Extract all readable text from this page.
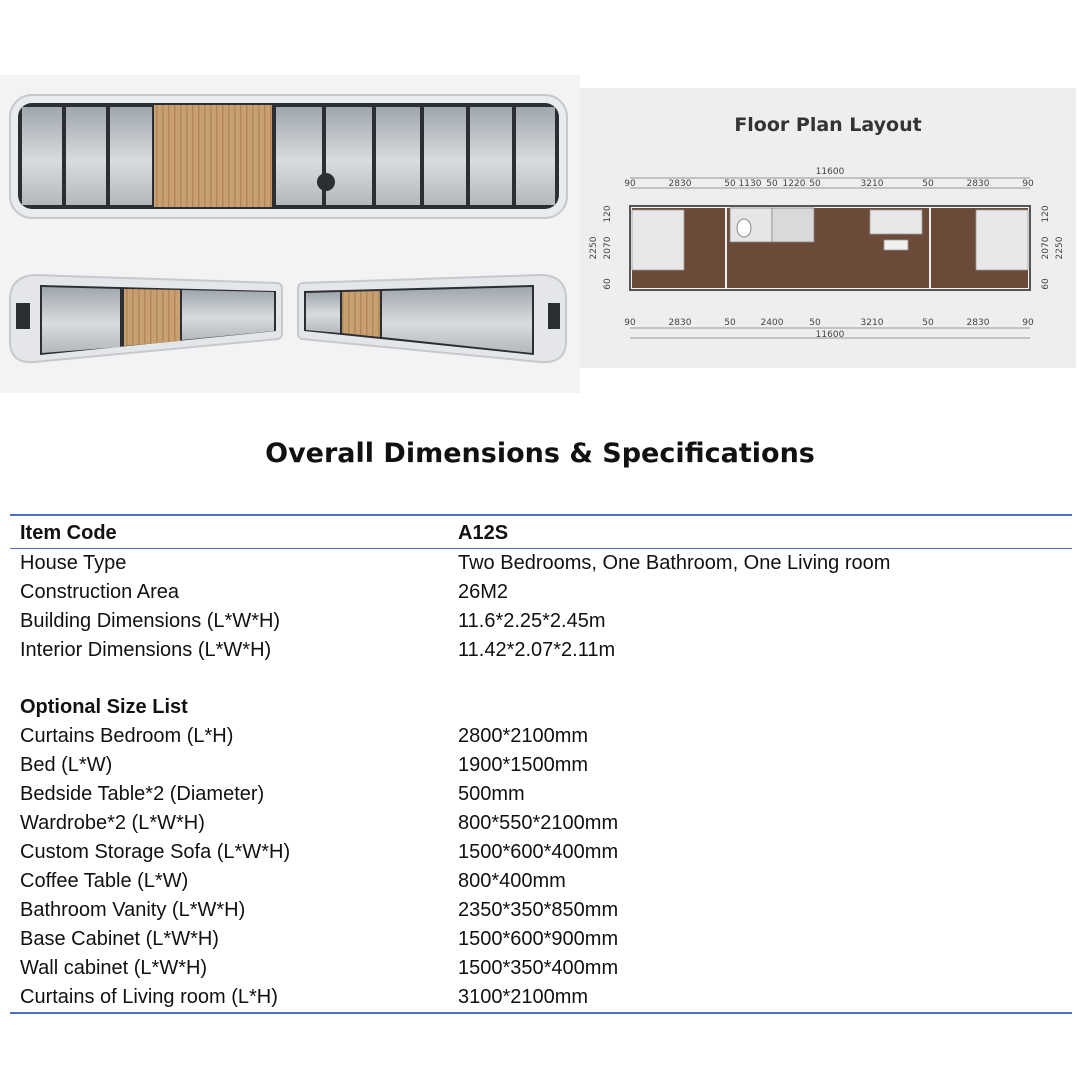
Floor Plan Layout
11600
90	2830	50 1130 50 1220 50	3210	50	2830	90
2250 2070
120
60
2070 2250
120
60
90	2830	50	2400	50	3210	50	2830	90
11600
Overall Dimensions & Specifications
Item Code	A12S
House Type	Two Bedrooms, One Bathroom, One Living room
Construction Area	26M2
Building Dimensions (L*W*H)	11.6*2.25*2.45m
Interior Dimensions (L*W*H)	11.42*2.07*2.11m
Optional Size List
Curtains Bedroom (L*H)	2800*2100mm
Bed (L*W)	1900*1500mm
Bedside Table*2 (Diameter)	500mm
Wardrobe*2 (L*W*H)	800*550*2100mm
Custom Storage Sofa (L*W*H)	1500*600*400mm
Coffee Table (L*W)	800*400mm
Bathroom Vanity (L*W*H)	2350*350*850mm
Base Cabinet (L*W*H)	1500*600*900mm
Wall cabinet (L*W*H)	1500*350*400mm
Curtains of Living room (L*H)	3100*2100mm
